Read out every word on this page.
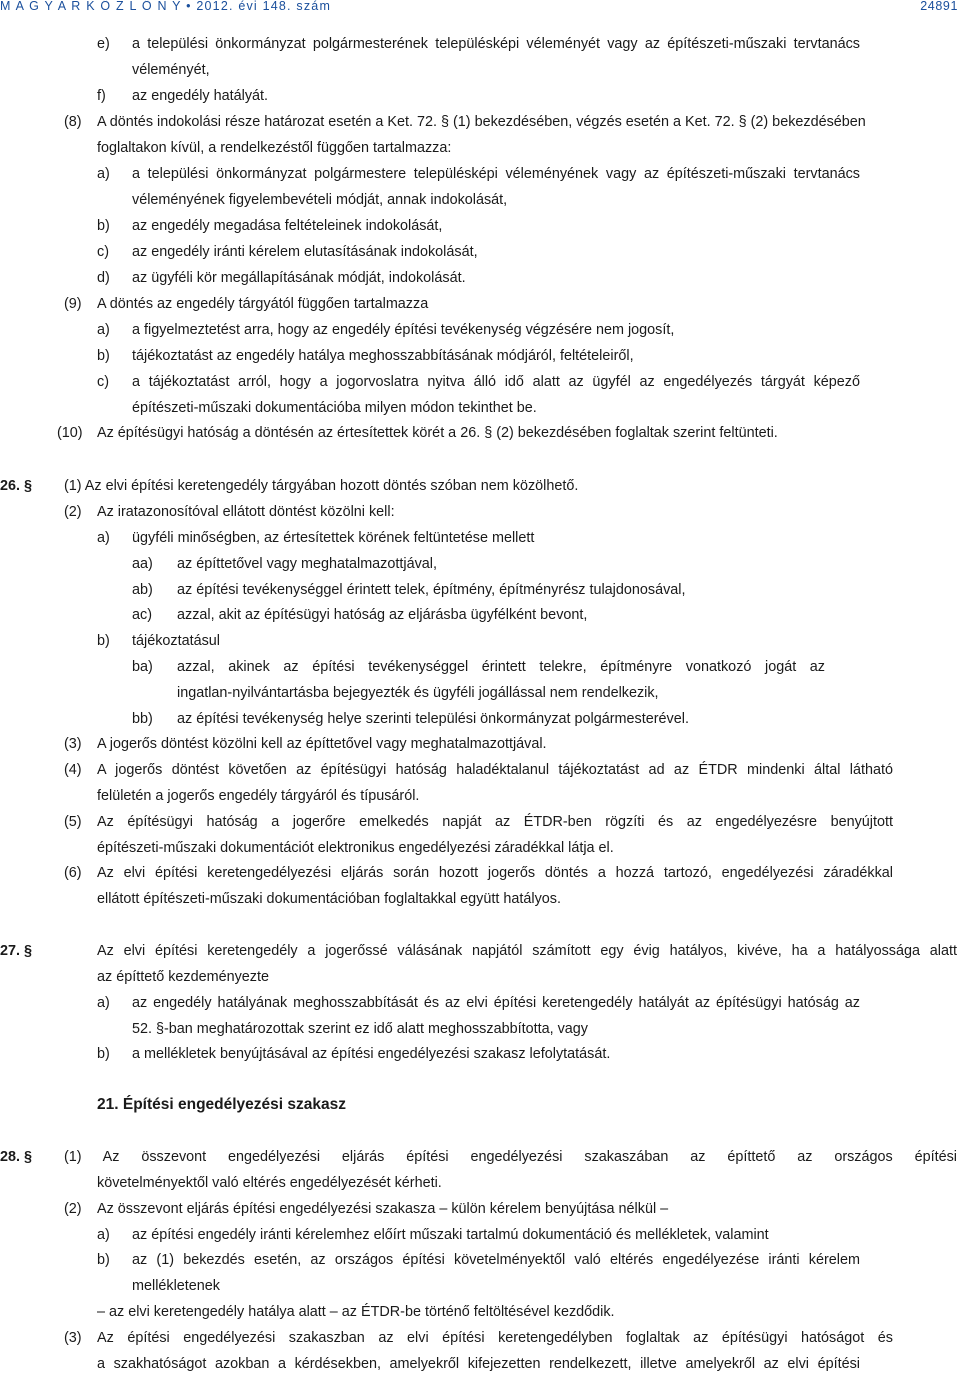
M A G Y A R K Ö Z L Ö N Y • 2012. évi 148. szám	24891
e) a települési önkormányzat polgármesterének településképi véleményét vagy az építészeti-műszaki tervtanács
véleményét,
f) az engedély hatályát.
(8) A döntés indokolási része határozat esetén a Ket. 72. § (1) bekezdésében, végzés esetén a Ket. 72. § (2) bekezdésében
foglaltakon kívül, a rendelkezéstől függően tartalmazza:
a) a települési önkormányzat polgármestere településképi véleményének vagy az építészeti-műszaki tervtanács
véleményének figyelembevételi módját, annak indokolását,
b) az engedély megadása feltételeinek indokolását,
c) az engedély iránti kérelem elutasításának indokolását,
d) az ügyféli kör megállapításának módját, indokolását.
(9) A döntés az engedély tárgyától függően tartalmazza
a) a figyelmeztetést arra, hogy az engedély építési tevékenység végzésére nem jogosít,
b) tájékoztatást az engedély hatálya meghosszabbításának módjáról, feltételeiről,
c) a tájékoztatást arról, hogy a jogorvoslatra nyitva álló idő alatt az ügyfél az engedélyezés tárgyát képező
építészeti-műszaki dokumentációba milyen módon tekinthet be.
(10) Az építésügyi hatóság a döntésén az értesítettek körét a 26. § (2) bekezdésében foglaltak szerint feltünteti.
26. § (1) Az elvi építési keretengedély tárgyában hozott döntés szóban nem közölhető.
(2) Az iratazonosítóval ellátott döntést közölni kell:
a) ügyféli minőségben, az értesítettek körének feltüntetése mellett
aa) az építtetővel vagy meghatalmazottjával,
ab) az építési tevékenységgel érintett telek, építmény, építményrész tulajdonosával,
ac) azzal, akit az építésügyi hatóság az eljárásba ügyfélként bevont,
b) tájékoztatásul
ba) azzal, akinek az építési tevékenységgel érintett telekre, építményre vonatkozó jogát az
ingatlan-nyilvántartásba bejegyezték és ügyféli jogállással nem rendelkezik,
bb) az építési tevékenység helye szerinti települési önkormányzat polgármesterével.
(3) A jogerős döntést közölni kell az építtetővel vagy meghatalmazottjával.
(4) A jogerős döntést követően az építésügyi hatóság haladéktalanul tájékoztatást ad az ÉTDR mindenki által látható
felületén a jogerős engedély tárgyáról és típusáról.
(5) Az építésügyi hatóság a jogerőre emelkedés napját az ÉTDR-ben rögzíti és az engedélyezésre benyújtott
építészeti-műszaki dokumentációt elektronikus engedélyezési záradékkal látja el.
(6) Az elvi építési keretengedélyezési eljárás során hozott jogerős döntés a hozzá tartozó, engedélyezési záradékkal
ellátott építészeti-műszaki dokumentációban foglaltakkal együtt hatályos.
27. §	Az elvi építési keretengedély a jogerőssé válásának napjától számított egy évig hatályos, kivéve, ha a hatályossága alatt
az építtető kezdeményezte
a) az engedély hatályának meghosszabbítását és az elvi építési keretengedély hatályát az építésügyi hatóság az
52. §-ban meghatározottak szerint ez idő alatt meghosszabbította, vagy
b) a mellékletek benyújtásával az építési engedélyezési szakasz lefolytatását.
21. Építési engedélyezési szakasz
28. § (1) Az összevont engedélyezési eljárás építési engedélyezési szakaszában az építtető az országos építési
követelményektől való eltérés engedélyezését kérheti.
(2) Az összevont eljárás építési engedélyezési szakasza – külön kérelem benyújtása nélkül –
a) az építési engedély iránti kérelemhez előírt műszaki tartalmú dokumentáció és mellékletek, valamint
b) az (1) bekezdés esetén, az országos építési követelményektől való eltérés engedélyezése iránti kérelem
mellékletenek
– az elvi keretengedély hatálya alatt – az ÉTDR-be történő feltöltésével kezdődik.
(3) Az építési engedélyezési szakaszban az elvi építési keretengedélyben foglaltak az építésügyi hatóságot és
a szakhatóságot azokban a kérdésekben, amelyekről kifejezetten rendelkezett, illetve amelyekről az elvi építési
